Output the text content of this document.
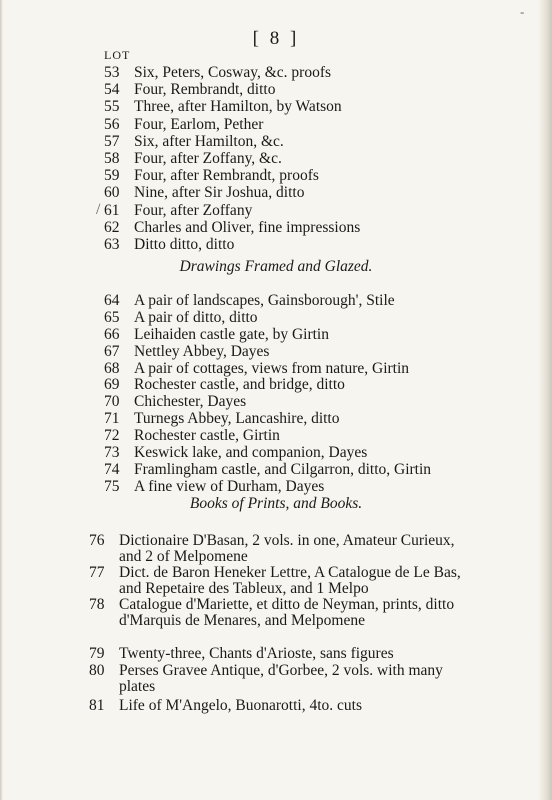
/
-
[ 8 ]
LOT
53 Six, Peters, Cosway, &c. proofs
54 Four, Rembrandt, ditto
55 Three, after Hamilton, by Watson
56 Four, Earlom, Pether
57 Six, after Hamilton, &c.
58 Four, after Zoffany, &c.
59 Four, after Rembrandt, proofs
60 Nine, after Sir Joshua, ditto
61 Four, after Zoffany
62 Charles and Oliver, fine impressions
63 Ditto ditto, ditto
Drawings Framed and Glazed.
64 A pair of landscapes, Gainsborough', Stile
65 A pair of ditto, ditto
66 Leihaiden castle gate, by Girtin
67 Nettley Abbey, Dayes
68 A pair of cottages, views from nature, Girtin
69 Rochester castle, and bridge, ditto
70 Chichester, Dayes
71 Turnegs Abbey, Lancashire, ditto
72 Rochester castle, Girtin
73 Keswick lake, and companion, Dayes
74 Framlingham castle, and Cilgarron, ditto, Girtin
75 A fine view of Durham, Dayes
Books of Prints, and Books.
76 Dictionaire D'Basan, 2 vols. in one, Amateur Curieux, and 2 of Melpomene
77 Dict. de Baron Heneker Lettre, A Catalogue de Le Bas, and Repetaire des Tableux, and 1 Melpo
78 Catalogue d'Mariette, et ditto de Neyman, prints, ditto d'Marquis de Menares, and Melpomene
79 Twenty-three, Chants d'Arioste, sans figures
80 Perses Gravee Antique, d'Gorbee, 2 vols. with many plates
81 Life of M'Angelo, Buonarotti, 4to. cuts
